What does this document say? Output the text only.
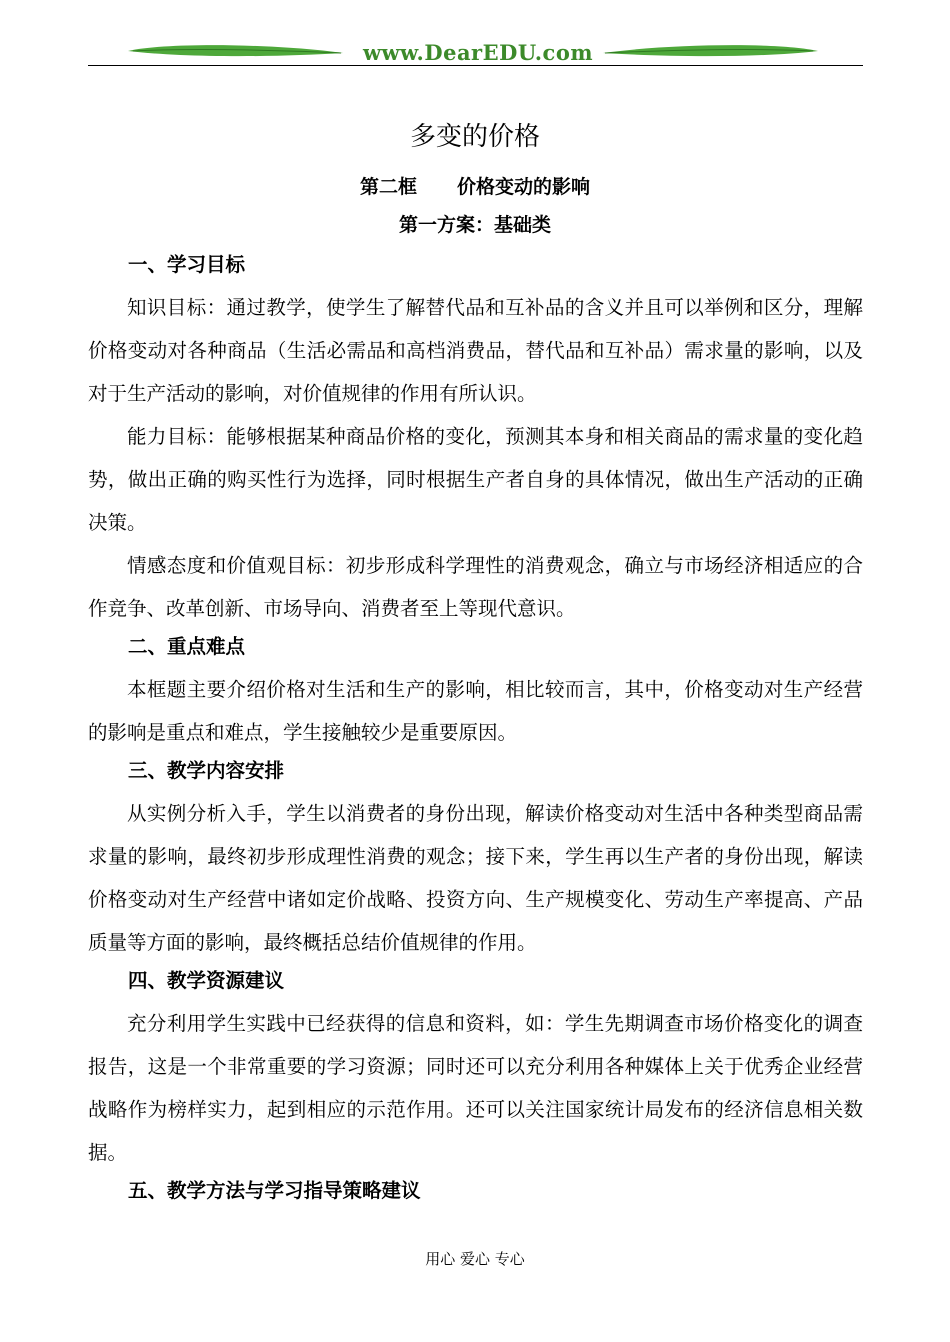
www.DearEDU.com
多变的价格
第二框 价格变动的影响
第一方案：基础类
一、学习目标

知识目标：通过教学，使学生了解替代品和互补品的含义并且可以举例和区分，理解价格变动对各种商品（生活必需品和高档消费品，替代品和互补品）需求量的影响，以及对于生产活动的影响，对价值规律的作用有所认识。

能力目标：能够根据某种商品价格的变化，预测其本身和相关商品的需求量的变化趋势，做出正确的购买性行为选择，同时根据生产者自身的具体情况，做出生产活动的正确决策。

情感态度和价值观目标：初步形成科学理性的消费观念，确立与市场经济相适应的合作竞争、改革创新、市场导向、消费者至上等现代意识。

二、重点难点

本框题主要介绍价格对生活和生产的影响，相比较而言，其中，价格变动对生产经营的影响是重点和难点，学生接触较少是重要原因。

三、教学内容安排

从实例分析入手，学生以消费者的身份出现，解读价格变动对生活中各种类型商品需求量的影响，最终初步形成理性消费的观念；接下来，学生再以生产者的身份出现，解读价格变动对生产经营中诸如定价战略、投资方向、生产规模变化、劳动生产率提高、产品质量等方面的影响，最终概括总结价值规律的作用。

四、教学资源建议

充分利用学生实践中已经获得的信息和资料，如：学生先期调查市场价格变化的调查报告，这是一个非常重要的学习资源；同时还可以充分利用各种媒体上关于优秀企业经营战略作为榜样实力，起到相应的示范作用。还可以关注国家统计局发布的经济信息相关数据。

五、教学方法与学习指导策略建议
用心 爱心 专心
